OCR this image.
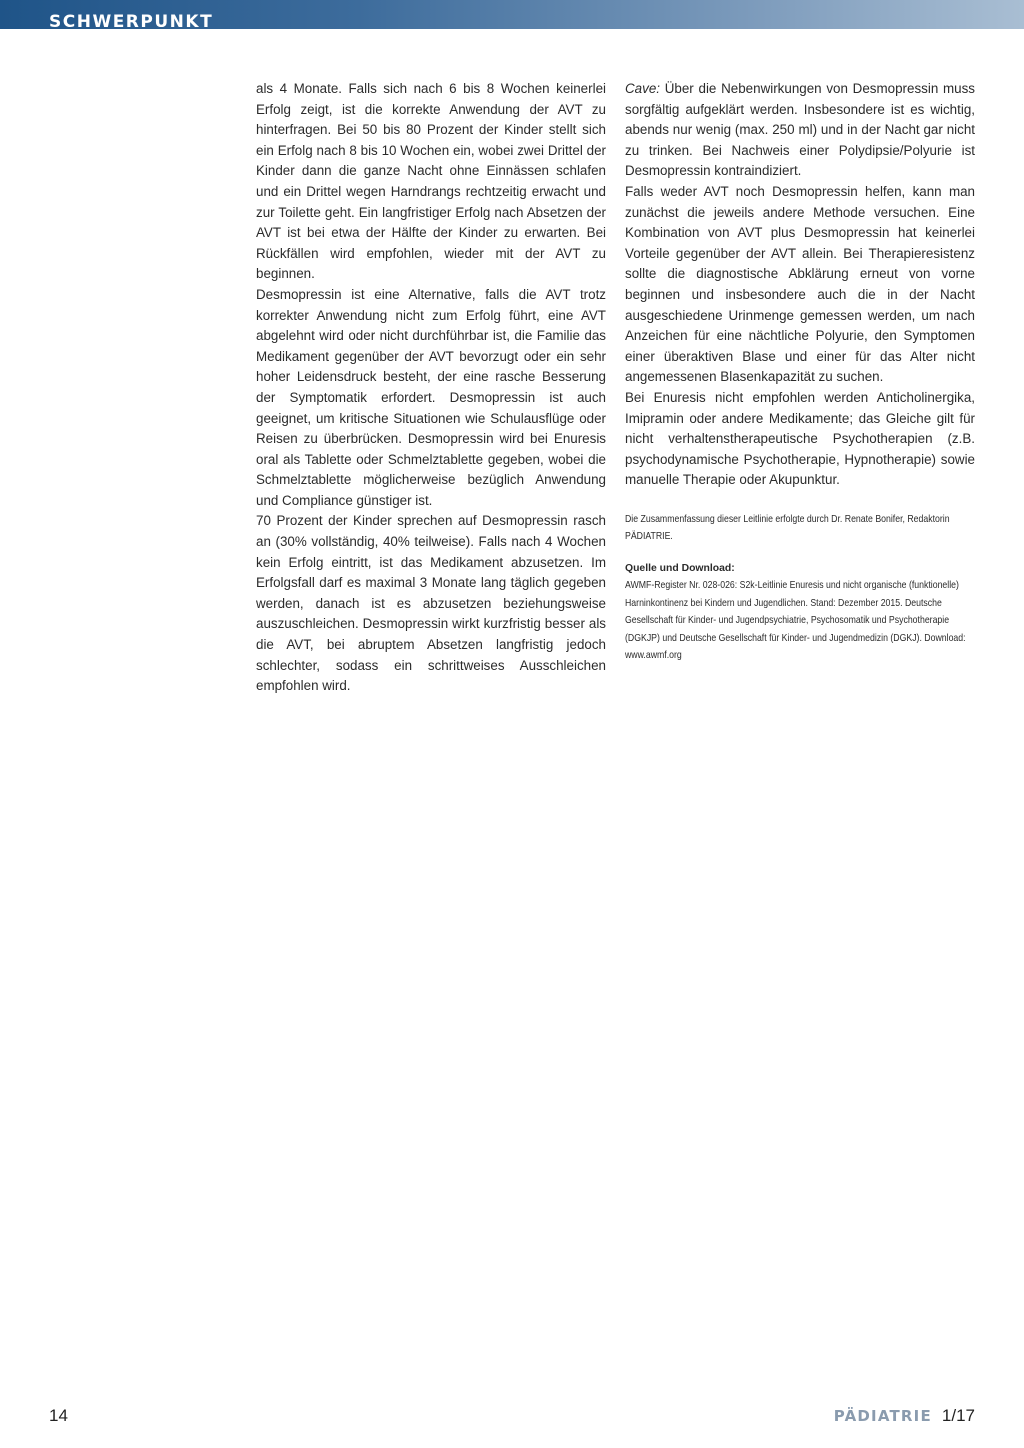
SCHWERPUNKT

als 4 Monate. Falls sich nach 6 bis 8 Wochen keinerlei Erfolg zeigt, ist die korrekte Anwendung der AVT zu hinterfragen. Bei 50 bis 80 Prozent der Kinder stellt sich ein Erfolg nach 8 bis 10 Wochen ein, wobei zwei Drittel der Kinder dann die ganze Nacht ohne Einnässen schlafen und ein Drittel wegen Harndrangs rechtzeitig erwacht und zur Toilette geht. Ein langfristiger Erfolg nach Absetzen der AVT ist bei etwa der Hälfte der Kinder zu erwarten. Bei Rückfällen wird empfohlen, wieder mit der AVT zu beginnen.

Desmopressin ist eine Alternative, falls die AVT trotz korrekter Anwendung nicht zum Erfolg führt, eine AVT abgelehnt wird oder nicht durchführbar ist, die Familie das Medikament gegenüber der AVT bevorzugt oder ein sehr hoher Leidensdruck besteht, der eine rasche Besserung der Symptomatik erfordert. Desmopressin ist auch geeignet, um kritische Situationen wie Schulausflüge oder Reisen zu überbrücken. Desmopressin wird bei Enuresis oral als Tablette oder Schmelztablette gegeben, wobei die Schmelztablette möglicherweise bezüglich Anwendung und Compliance günstiger ist.

70 Prozent der Kinder sprechen auf Desmopressin rasch an (30% vollständig, 40% teilweise). Falls nach 4 Wochen kein Erfolg eintritt, ist das Medikament abzusetzen. Im Erfolgsfall darf es maximal 3 Monate lang täglich gegeben werden, danach ist es abzusetzen beziehungsweise auszuschleichen. Desmopressin wirkt kurzfristig besser als die AVT, bei abruptem Absetzen langfristig jedoch schlechter, sodass ein schrittweises Ausschleichen empfohlen wird.

Cave: Über die Nebenwirkungen von Desmopressin muss sorgfältig aufgeklärt werden. Insbesondere ist es wichtig, abends nur wenig (max. 250 ml) und in der Nacht gar nicht zu trinken. Bei Nachweis einer Polydipsie/Polyurie ist Desmopressin kontraindiziert.

Falls weder AVT noch Desmopressin helfen, kann man zunächst die jeweils andere Methode versuchen. Eine Kombination von AVT plus Desmopressin hat keinerlei Vorteile gegenüber der AVT allein. Bei Therapieresistenz sollte die diagnostische Abklärung erneut von vorne beginnen und insbesondere auch die in der Nacht ausgeschiedene Urinmenge gemessen werden, um nach Anzeichen für eine nächtliche Polyurie, den Symptomen einer überaktiven Blase und einer für das Alter nicht angemessenen Blasenkapazität zu suchen.

Bei Enuresis nicht empfohlen werden Anticholinergika, Imipramin oder andere Medikamente; das Gleiche gilt für nicht verhaltenstherapeutische Psychotherapien (z.B. psychodynamische Psychotherapie, Hypnotherapie) sowie manuelle Therapie oder Akupunktur.

Die Zusammenfassung dieser Leitlinie erfolgte durch Dr. Renate Bonifer, Redaktorin PÄDIATRIE.

Quelle und Download:

AWMF-Register Nr. 028-026: S2k-Leitlinie Enuresis und nicht organische (funktionelle) Harninkontinenz bei Kindern und Jugendlichen. Stand: Dezember 2015. Deutsche Gesellschaft für Kinder- und Jugendpsychiatrie, Psychosomatik und Psychotherapie (DGKJP) und Deutsche Gesellschaft für Kinder- und Jugendmedizin (DGKJ). Download: www.awmf.org

14	PÄDIATRIE 1/17
